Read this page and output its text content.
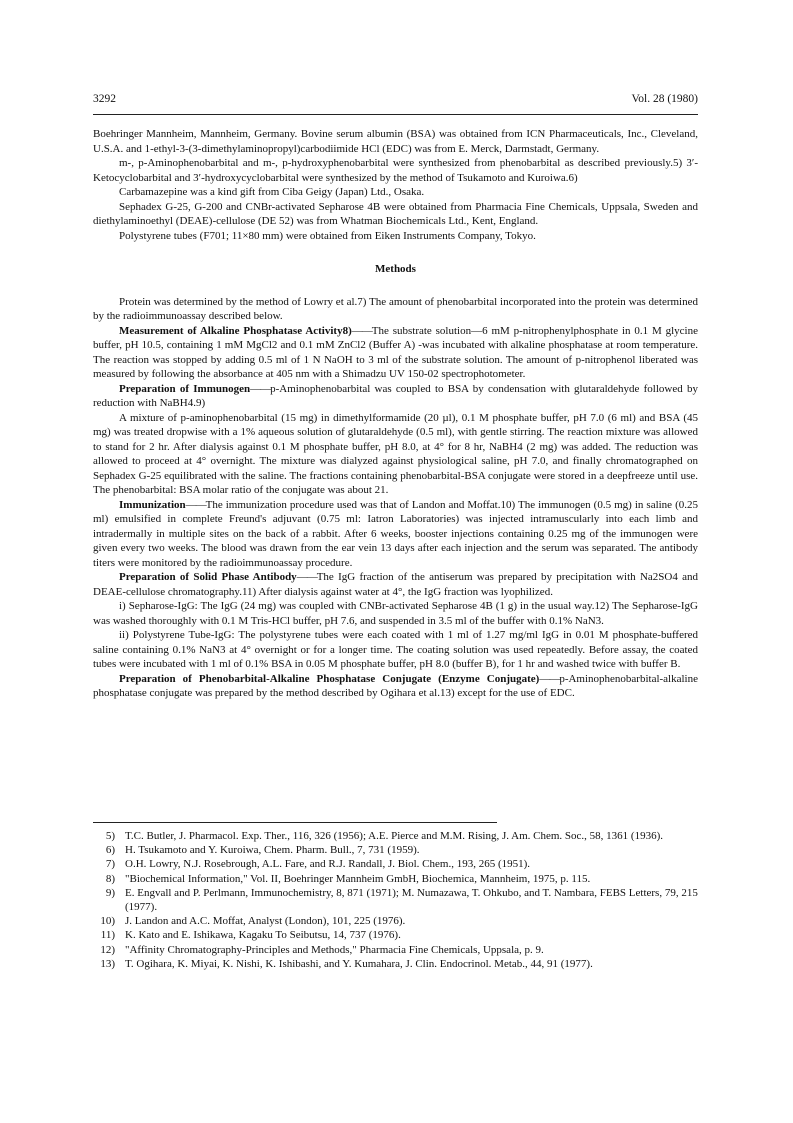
3292	Vol. 28 (1980)

Boehringer Mannheim, Mannheim, Germany. Bovine serum albumin (BSA) was obtained from ICN Pharmaceuticals, Inc., Cleveland, U.S.A. and 1-ethyl-3-(3-dimethylaminopropyl)carbodiimide HCl (EDC) was from E. Merck, Darmstadt, Germany.

m-, p-Aminophenobarbital and m-, p-hydroxyphenobarbital were synthesized from phenobarbital as described previously.5) 3′-Ketocyclobarbital and 3′-hydroxycyclobarbital were synthesized by the method of Tsukamoto and Kuroiwa.6)

Carbamazepine was a kind gift from Ciba Geigy (Japan) Ltd., Osaka.

Sephadex G-25, G-200 and CNBr-activated Sepharose 4B were obtained from Pharmacia Fine Chemicals, Uppsala, Sweden and diethylaminoethyl (DEAE)-cellulose (DE 52) was from Whatman Biochemicals Ltd., Kent, England.

Polystyrene tubes (F701; 11×80 mm) were obtained from Eiken Instruments Company, Tokyo.

Methods

Protein was determined by the method of Lowry et al.7) The amount of phenobarbital incorporated into the protein was determined by the radioimmunoassay described below.

Measurement of Alkaline Phosphatase Activity8)——The substrate solution—6 mM p-nitrophenylphosphate in 0.1 M glycine buffer, pH 10.5, containing 1 mM MgCl2 and 0.1 mM ZnCl2 (Buffer A) -was incubated with alkaline phosphatase at room temperature. The reaction was stopped by adding 0.5 ml of 1 N NaOH to 3 ml of the substrate solution. The amount of p-nitrophenol liberated was measured by following the absorbance at 405 nm with a Shimadzu UV 150-02 spectrophotometer.

Preparation of Immunogen——p-Aminophenobarbital was coupled to BSA by condensation with glutaraldehyde followed by reduction with NaBH4.9)

A mixture of p-aminophenobarbital (15 mg) in dimethylformamide (20 µl), 0.1 M phosphate buffer, pH 7.0 (6 ml) and BSA (45 mg) was treated dropwise with a 1% aqueous solution of glutaraldehyde (0.5 ml), with gentle stirring. The reaction mixture was allowed to stand for 2 hr. After dialysis against 0.1 M phosphate buffer, pH 8.0, at 4° for 8 hr, NaBH4 (2 mg) was added. The reduction was allowed to proceed at 4° overnight. The mixture was dialyzed against physiological saline, pH 7.0, and finally chromatographed on Sephadex G-25 equilibrated with the saline. The fractions containing phenobarbital-BSA conjugate were stored in a deepfreeze until use. The phenobarbital: BSA molar ratio of the conjugate was about 21.

Immunization——The immunization procedure used was that of Landon and Moffat.10) The immunogen (0.5 mg) in saline (0.25 ml) emulsified in complete Freund's adjuvant (0.75 ml: Iatron Laboratories) was injected intramuscularly into each limb and intradermally in multiple sites on the back of a rabbit. After 6 weeks, booster injections containing 0.25 mg of the immunogen were given every two weeks. The blood was drawn from the ear vein 13 days after each injection and the serum was separated. The antibody titers were monitored by the radioimmunoassay procedure.

Preparation of Solid Phase Antibody——The IgG fraction of the antiserum was prepared by precipitation with Na2SO4 and DEAE-cellulose chromatography.11) After dialysis against water at 4°, the IgG fraction was lyophilized.

i) Sepharose-IgG: The IgG (24 mg) was coupled with CNBr-activated Sepharose 4B (1 g) in the usual way.12) The Sepharose-IgG was washed thoroughly with 0.1 M Tris-HCl buffer, pH 7.6, and suspended in 3.5 ml of the buffer with 0.1% NaN3.

ii) Polystyrene Tube-IgG: The polystyrene tubes were each coated with 1 ml of 1.27 mg/ml IgG in 0.01 M phosphate-buffered saline containing 0.1% NaN3 at 4° overnight or for a longer time. The coating solution was used repeatedly. Before assay, the coated tubes were incubated with 1 ml of 0.1% BSA in 0.05 M phosphate buffer, pH 8.0 (buffer B), for 1 hr and washed twice with buffer B.

Preparation of Phenobarbital-Alkaline Phosphatase Conjugate (Enzyme Conjugate)——p-Aminophenobarbital-alkaline phosphatase conjugate was prepared by the method described by Ogihara et al.13) except for the use of EDC.

5) T.C. Butler, J. Pharmacol. Exp. Ther., 116, 326 (1956); A.E. Pierce and M.M. Rising, J. Am. Chem. Soc., 58, 1361 (1936).

6) H. Tsukamoto and Y. Kuroiwa, Chem. Pharm. Bull., 7, 731 (1959).

7) O.H. Lowry, N.J. Rosebrough, A.L. Fare, and R.J. Randall, J. Biol. Chem., 193, 265 (1951).

8) "Biochemical Information," Vol. II, Boehringer Mannheim GmbH, Biochemica, Mannheim, 1975, p. 115.

9) E. Engvall and P. Perlmann, Immunochemistry, 8, 871 (1971); M. Numazawa, T. Ohkubo, and T. Nambara, FEBS Letters, 79, 215 (1977).

10) J. Landon and A.C. Moffat, Analyst (London), 101, 225 (1976).

11) K. Kato and E. Ishikawa, Kagaku To Seibutsu, 14, 737 (1976).

12) "Affinity Chromatography-Principles and Methods," Pharmacia Fine Chemicals, Uppsala, p. 9.

13) T. Ogihara, K. Miyai, K. Nishi, K. Ishibashi, and Y. Kumahara, J. Clin. Endocrinol. Metab., 44, 91 (1977).
